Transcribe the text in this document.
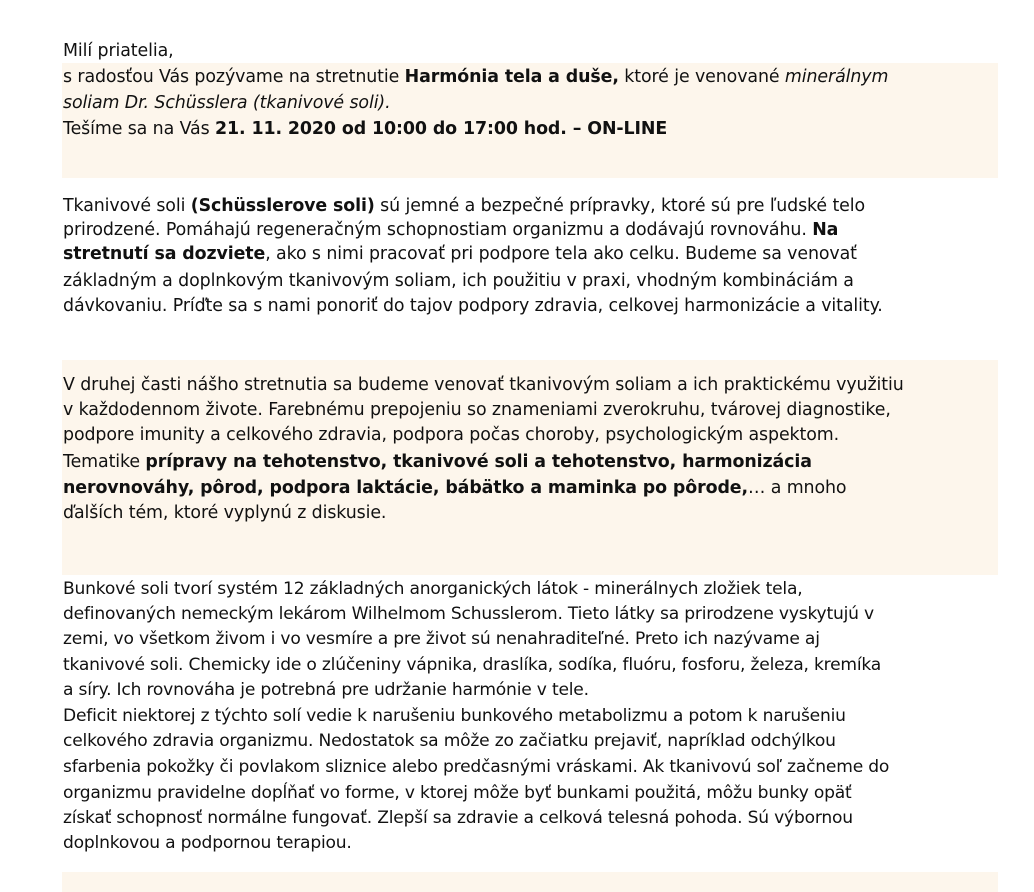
Milí priatelia,
s radosťou Vás pozývame na stretnutie Harmónia tela a duše, ktoré je venované minerálnym
soliam Dr. Schüsslera (tkanivové soli).
Tešíme sa na Vás 21. 11. 2020 od 10:00 do 17:00 hod. – ON-LINE
Tkanivové soli (Schüsslerove soli) sú jemné a bezpečné prípravky, ktoré sú pre ľudské telo
prirodzené. Pomáhajú regeneračným schopnostiam organizmu a dodávajú rovnováhu. Na
stretnutí sa dozviete, ako s nimi pracovať pri podpore tela ako celku. Budeme sa venovať
základným a doplnkovým tkanivovým soliam, ich použitiu v praxi, vhodným kombináciám a
dávkovaniu. Príďte sa s nami ponoriť do tajov podpory zdravia, celkovej harmonizácie a vitality.
V druhej časti nášho stretnutia sa budeme venovať tkanivovým soliam a ich praktickému využitiu
v každodennom živote. Farebnému prepojeniu so znameniami zverokruhu, tvárovej diagnostike,
podpore imunity a celkového zdravia, podpora počas choroby, psychologickým aspektom.
Tematike prípravy na tehotenstvo, tkanivové soli a tehotenstvo, harmonizácia
nerovnováhy, pôrod, podpora laktácie, bábätko a maminka po pôrode,… a mnoho
ďalších tém, ktoré vyplynú z diskusie.
Bunkové soli tvorí systém 12 základných anorganických látok - minerálnych zložiek tela,
definovaných nemeckým lekárom Wilhelmom Schusslerom. Tieto látky sa prirodzene vyskytujú v
zemi, vo všetkom živom i vo vesmíre a pre život sú nenahraditeľné. Preto ich nazývame aj
tkanivové soli. Chemicky ide o zlúčeniny vápnika, draslíka, sodíka, fluóru, fosforu, železa, kremíka
a síry. Ich rovnováha je potrebná pre udržanie harmónie v tele.
Deficit niektorej z týchto solí vedie k narušeniu bunkového metabolizmu a potom k narušeniu
celkového zdravia organizmu. Nedostatok sa môže zo začiatku prejaviť, napríklad odchýlkou
sfarbenia pokožky či povlakom sliznice alebo predčasnými vráskami. Ak tkanivovú soľ začneme do
organizmu pravidelne dopĺňať vo forme, v ktorej môže byť bunkami použitá, môžu bunky opäť
získať schopnosť normálne fungovať. Zlepší sa zdravie a celková telesná pohoda. Sú výbornou
doplnkovou a podpornou terapiou.
